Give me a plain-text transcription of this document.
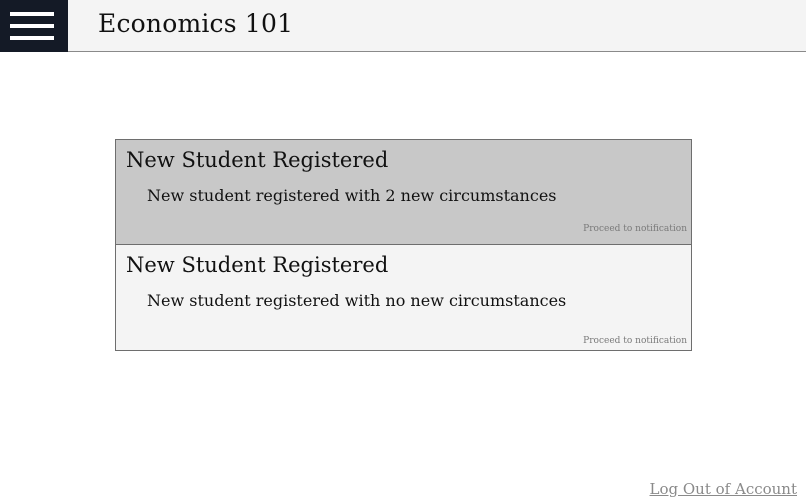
Economics 101
New Student Registered
New student registered with 2 new circumstances
Proceed to notification
New Student Registered
New student registered with no new circumstances
Proceed to notification
Log Out of Account
